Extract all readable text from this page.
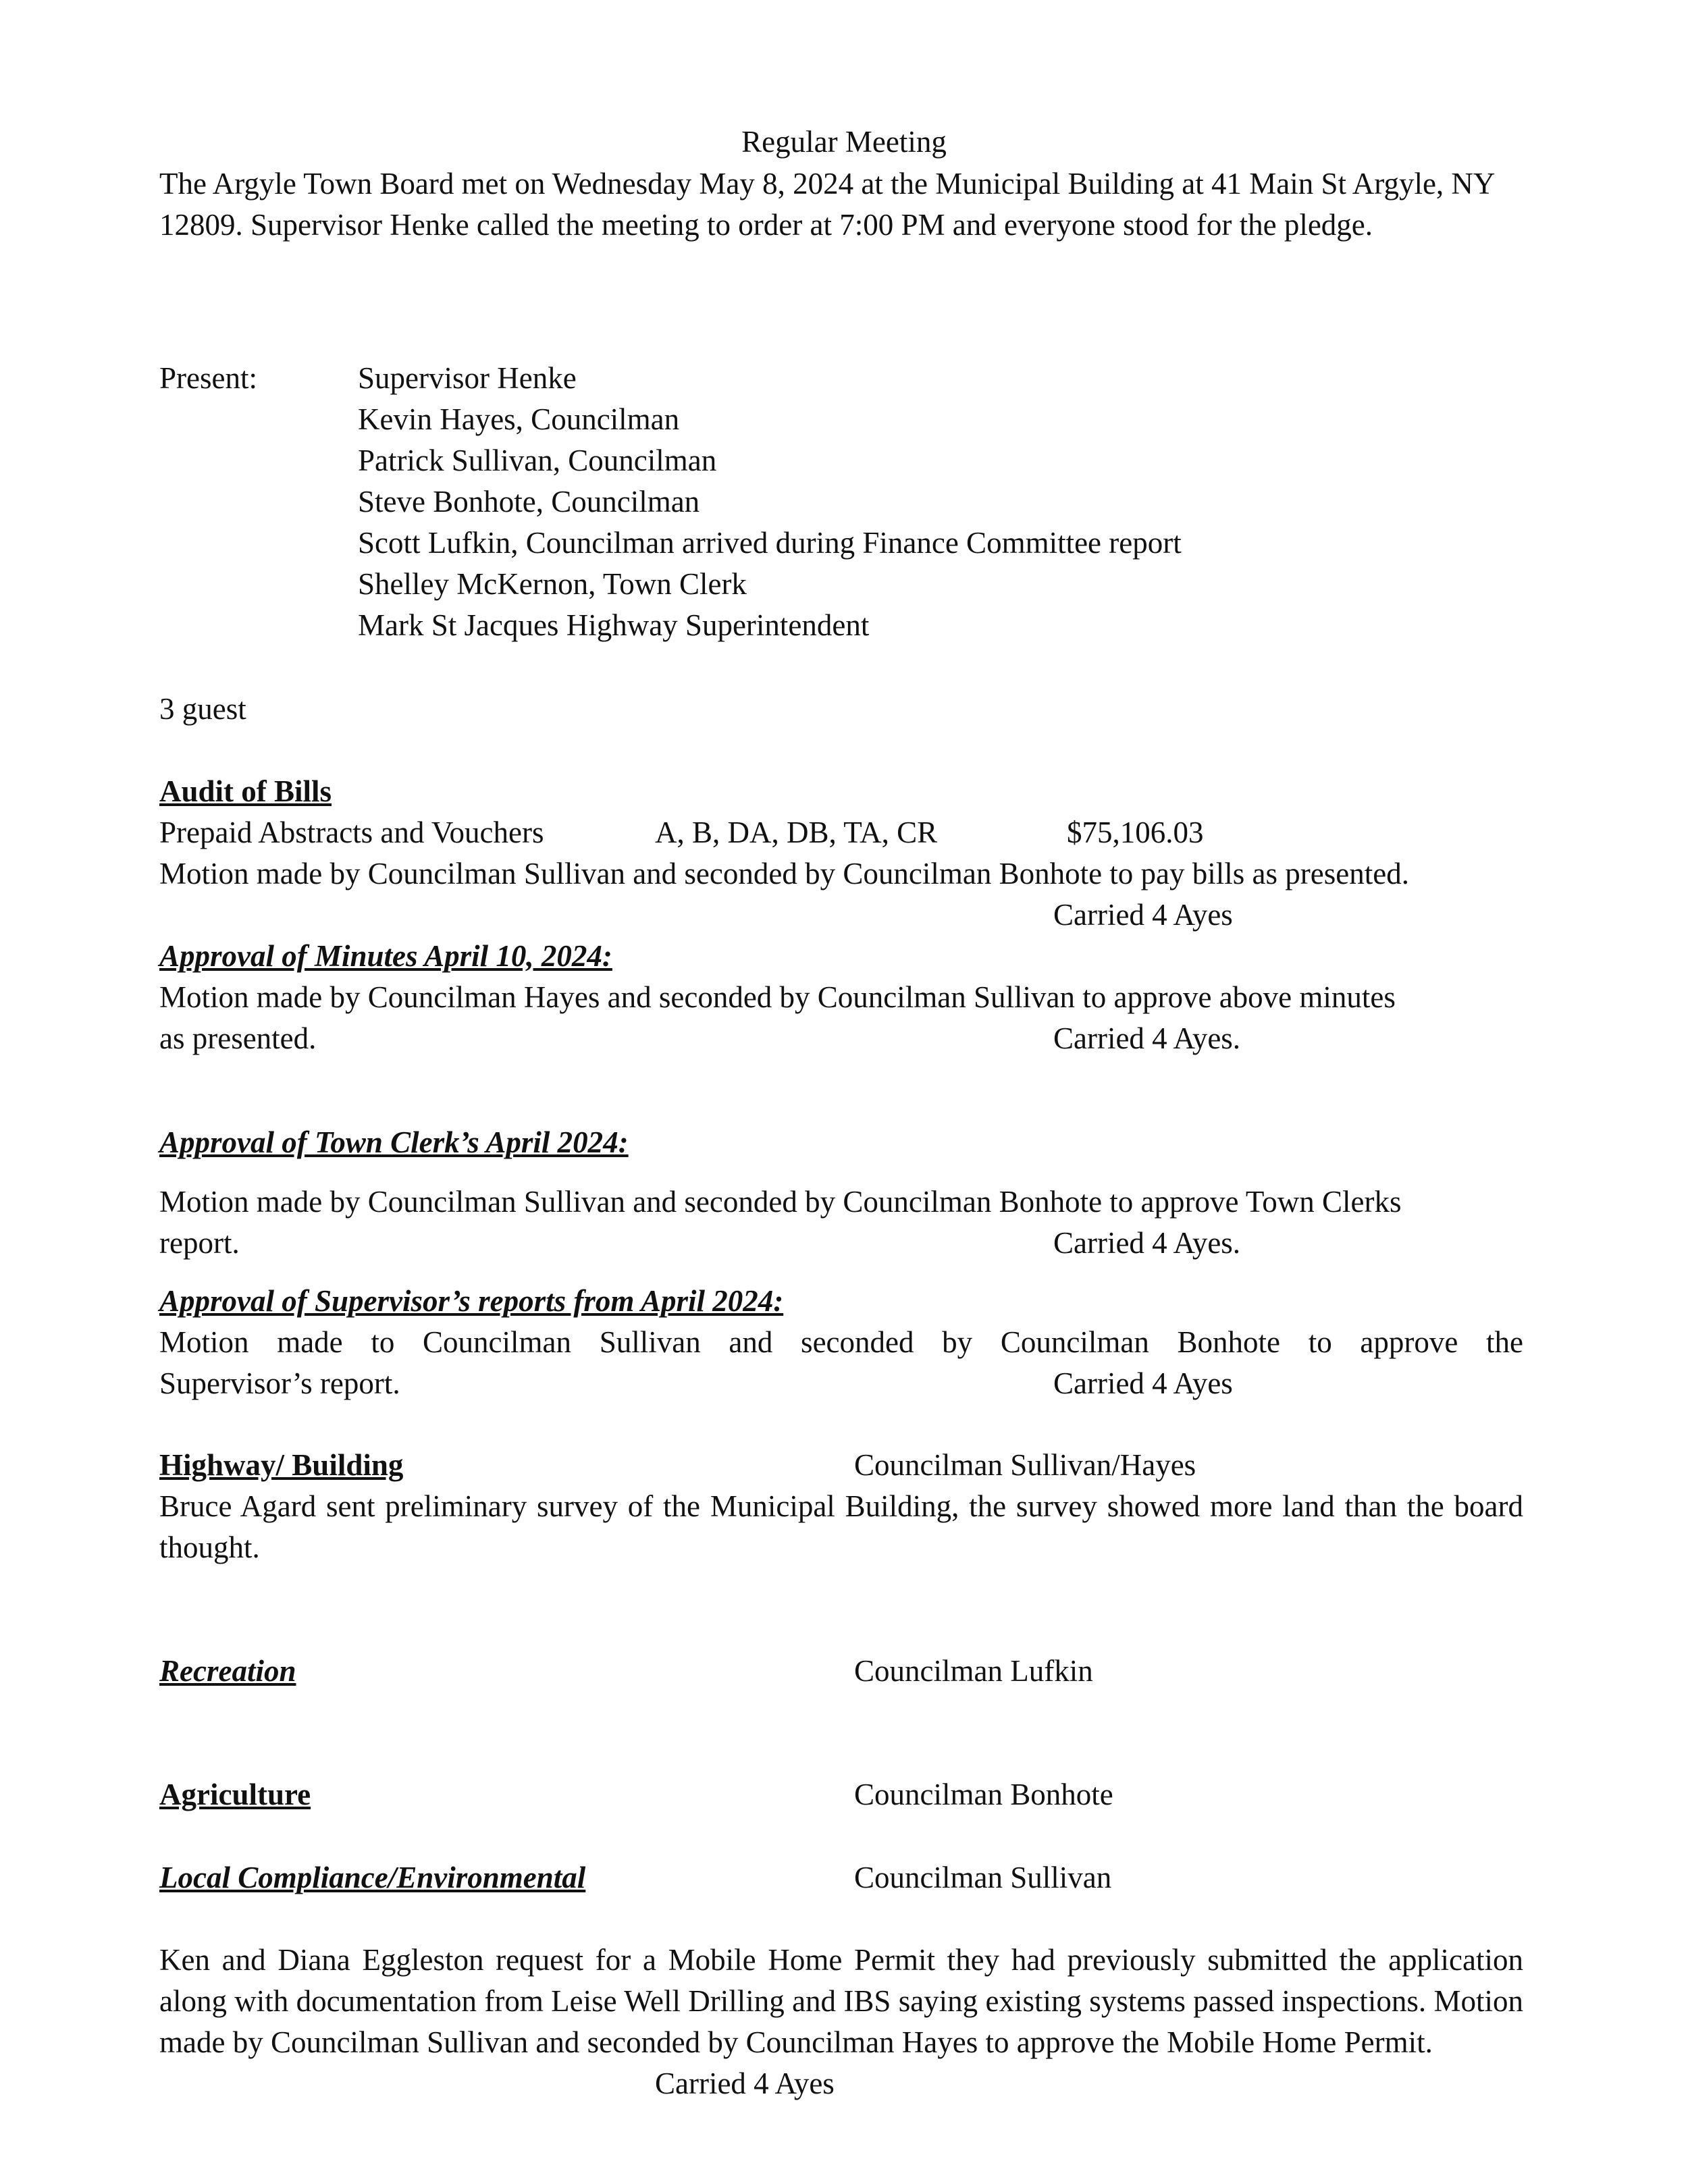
Regular Meeting
The Argyle Town Board met on Wednesday May 8, 2024 at the Municipal Building at 41 Main St Argyle, NY 12809. Supervisor Henke called the meeting to order at 7:00 PM and everyone stood for the pledge.
Present:	Supervisor Henke
Kevin Hayes, Councilman
Patrick Sullivan, Councilman
Steve Bonhote, Councilman
Scott Lufkin, Councilman arrived during Finance Committee report
Shelley McKernon, Town Clerk
Mark St Jacques Highway Superintendent
3 guest
Audit of Bills
Prepaid Abstracts and Vouchers	A, B, DA, DB, TA, CR	$75,106.03
Motion made by Councilman Sullivan and seconded by Councilman Bonhote to pay bills as presented.
Carried 4 Ayes
Approval of Minutes April 10, 2024:
Motion made by Councilman Hayes and seconded by Councilman Sullivan to approve above minutes
as presented.	Carried 4 Ayes.
Approval of Town Clerk’s April 2024:
Motion made by Councilman Sullivan and seconded by Councilman Bonhote to approve Town Clerks
report.	Carried 4 Ayes.
Approval of Supervisor’s reports from April 2024:
Motion made to Councilman Sullivan and seconded by Councilman Bonhote to approve the
Supervisor’s report.	Carried 4 Ayes
Highway/ Building	Councilman Sullivan/Hayes
Bruce Agard sent preliminary survey of the Municipal Building, the survey showed more land than the board thought.
Recreation	Councilman Lufkin
Agriculture	Councilman Bonhote
Local Compliance/Environmental	Councilman Sullivan
Ken and Diana Eggleston request for a Mobile Home Permit they had previously submitted the application along with documentation from Leise Well Drilling and IBS saying existing systems passed inspections. Motion made by Councilman Sullivan and seconded by Councilman Hayes to approve the Mobile Home Permit.
Carried 4 Ayes
